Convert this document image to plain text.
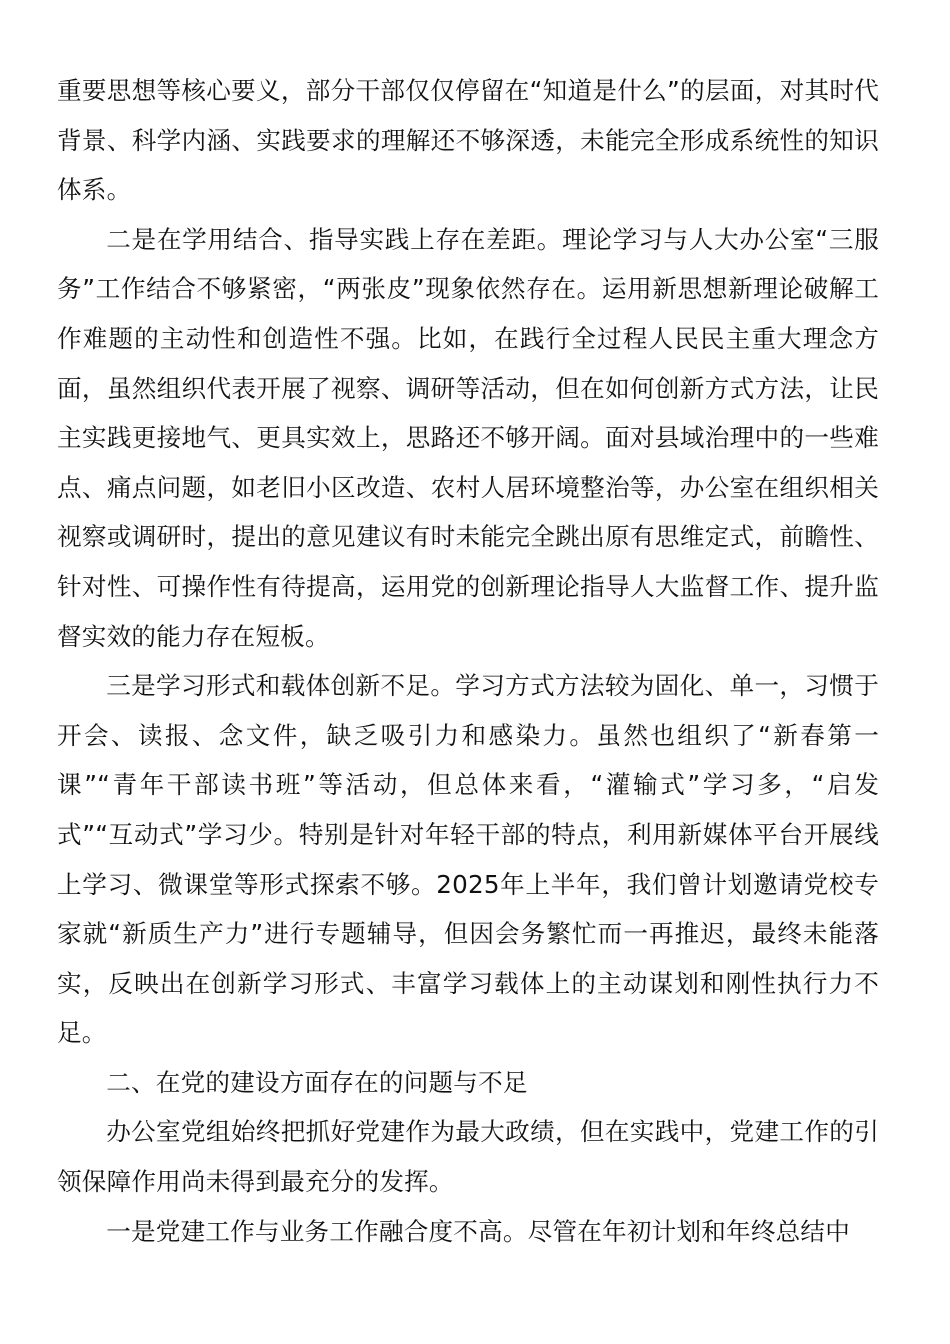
重要思想等核心要义，部分干部仅仅停留在“知道是什么”的层面，对其时代背景、科学内涵、实践要求的理解还不够深透，未能完全形成系统性的知识体系。

二是在学用结合、指导实践上存在差距。理论学习与人大办公室“三服务”工作结合不够紧密，“两张皮”现象依然存在。运用新思想新理论破解工作难题的主动性和创造性不强。比如，在践行全过程人民民主重大理念方面，虽然组织代表开展了视察、调研等活动，但在如何创新方式方法，让民主实践更接地气、更具实效上，思路还不够开阔。面对县域治理中的一些难点、痛点问题，如老旧小区改造、农村人居环境整治等，办公室在组织相关视察或调研时，提出的意见建议有时未能完全跳出原有思维定式，前瞻性、针对性、可操作性有待提高，运用党的创新理论指导人大监督工作、提升监督实效的能力存在短板。

三是学习形式和载体创新不足。学习方式方法较为固化、单一，习惯于开会、读报、念文件，缺乏吸引力和感染力。虽然也组织了“新春第一课”“青年干部读书班”等活动，但总体来看，“灌输式”学习多，“启发式”“互动式”学习少。特别是针对年轻干部的特点，利用新媒体平台开展线上学习、微课堂等形式探索不够。2025年上半年，我们曾计划邀请党校专家就“新质生产力”进行专题辅导，但因会务繁忙而一再推迟，最终未能落实，反映出在创新学习形式、丰富学习载体上的主动谋划和刚性执行力不足。

二、在党的建设方面存在的问题与不足

办公室党组始终把抓好党建作为最大政绩，但在实践中，党建工作的引领保障作用尚未得到最充分的发挥。

一是党建工作与业务工作融合度不高。尽管在年初计划和年终总结中
